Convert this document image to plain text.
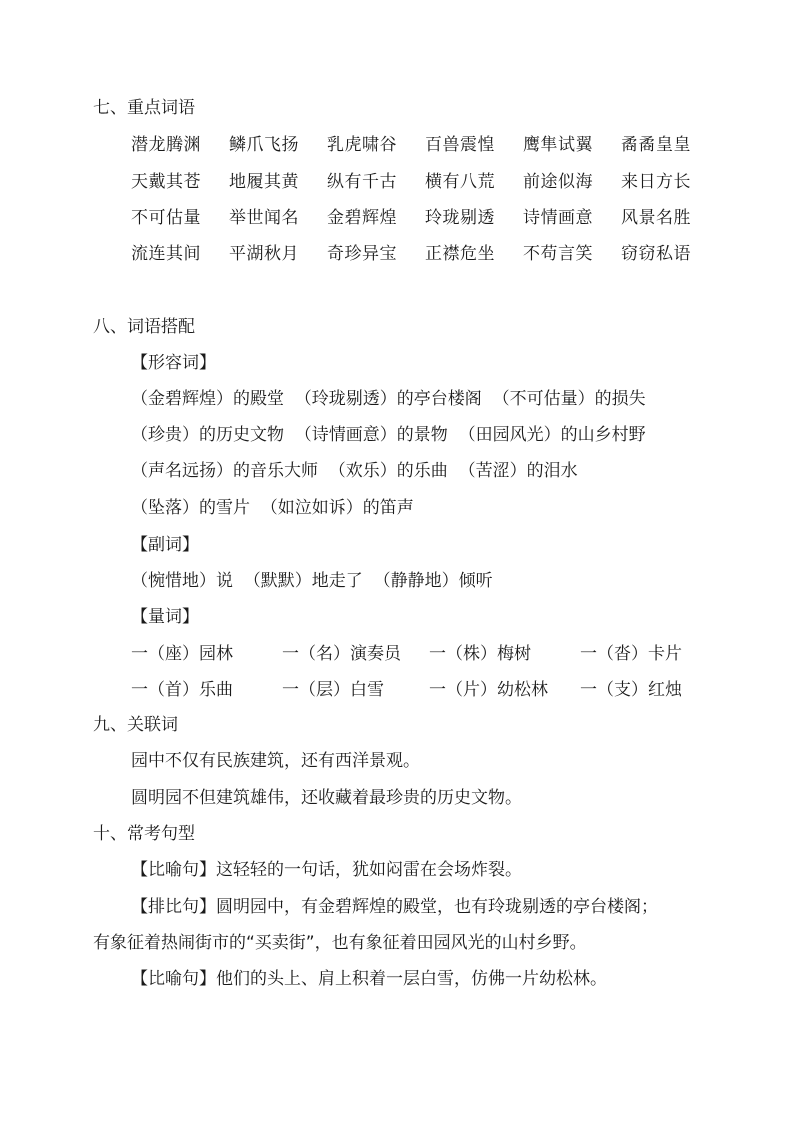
七、重点词语
潜龙腾渊 鳞爪飞扬 乳虎啸谷 百兽震惶 鹰隼试翼 矞矞皇皇
天戴其苍 地履其黄 纵有千古 横有八荒 前途似海 来日方长
不可估量 举世闻名 金碧辉煌 玲珑剔透 诗情画意 风景名胜
流连其间 平湖秋月 奇珍异宝 正襟危坐 不苟言笑 窃窃私语
八、词语搭配
【形容词】
（金碧辉煌）的殿堂  （玲珑剔透）的亭台楼阁  （不可估量）的损失
（珍贵）的历史文物  （诗情画意）的景物  （田园风光）的山乡村野
（声名远扬）的音乐大师  （欢乐）的乐曲  （苦涩）的泪水
（坠落）的雪片  （如泣如诉）的笛声
【副词】
（惋惜地）说  （默默）地走了  （静静地）倾听
【量词】
一（座）园林	一（名）演奏员 一（株）梅树	一（沓）卡片
一（首）乐曲	一（层）白雪	一（片）幼松林 一（支）红烛
九、关联词
园中不仅有民族建筑，还有西洋景观。
圆明园不但建筑雄伟，还收藏着最珍贵的历史文物。
十、常考句型
【比喻句】这轻轻的一句话，犹如闷雷在会场炸裂。
【排比句】圆明园中，有金碧辉煌的殿堂，也有玲珑剔透的亭台楼阁；
有象征着热闹街市的“买卖街”，也有象征着田园风光的山村乡野。
【比喻句】他们的头上、肩上积着一层白雪，仿佛一片幼松林。
